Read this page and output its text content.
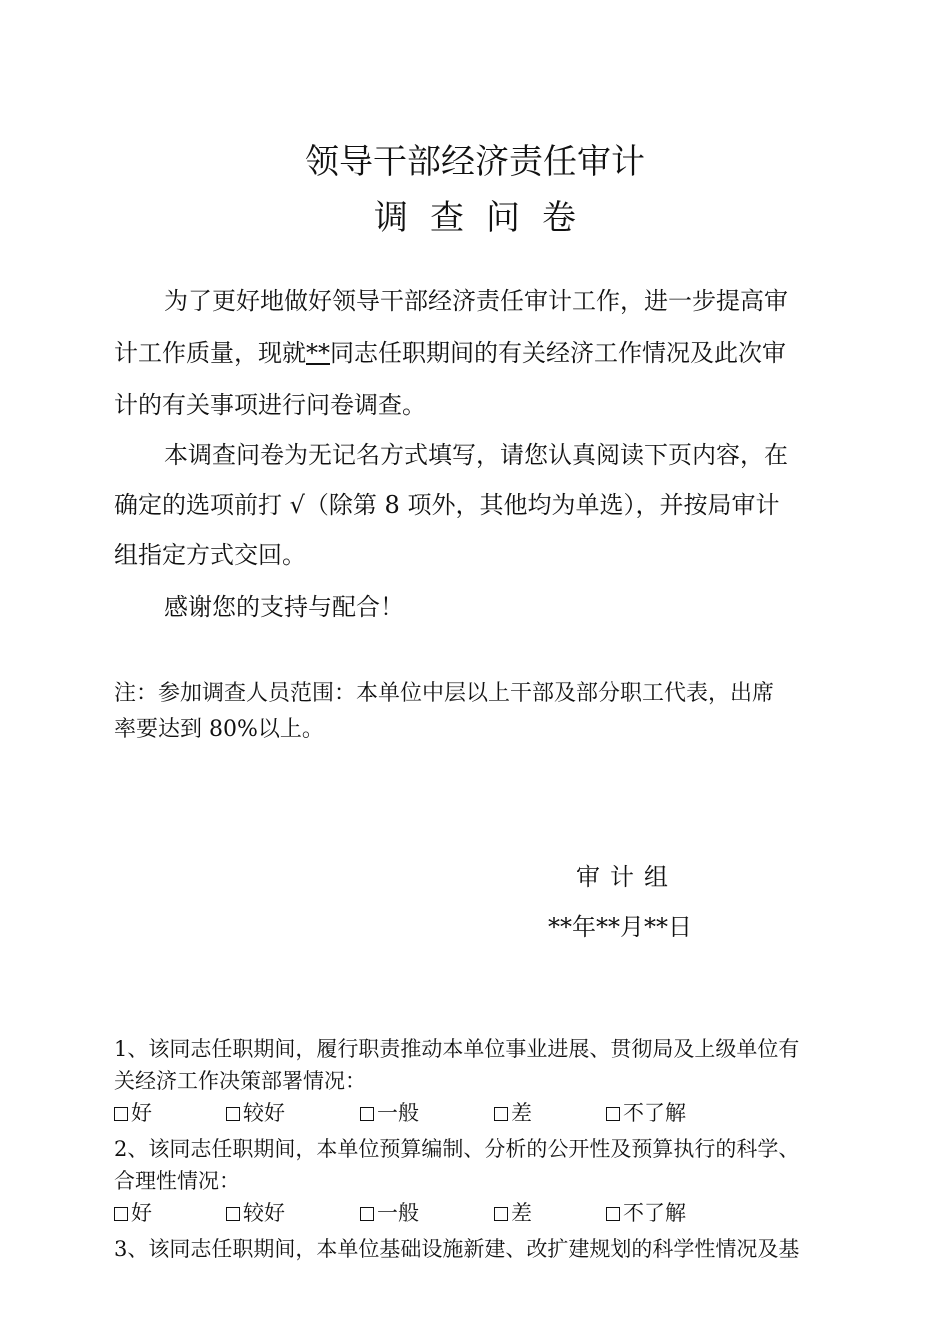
领导干部经济责任审计
调查问卷
为了更好地做好领导干部经济责任审计工作，进一步提高审
计工作质量，现就**同志任职期间的有关经济工作情况及此次审
计的有关事项进行问卷调查。
本调查问卷为无记名方式填写，请您认真阅读下页内容，在
确定的选项前打 √（除第 8 项外，其他均为单选），并按局审计
组指定方式交回。
感谢您的支持与配合！
注：参加调查人员范围：本单位中层以上干部及部分职工代表，出席
率要达到 80%以上。
审计组
**年**月**日
1、该同志任职期间，履行职责推动本单位事业进展、贯彻局及上级单位有
关经济工作决策部署情况：
好	较好	一般	差	不了解
2、该同志任职期间，本单位预算编制、分析的公开性及预算执行的科学、
合理性情况：
好	较好	一般	差	不了解
3、该同志任职期间，本单位基础设施新建、改扩建规划的科学性情况及基
